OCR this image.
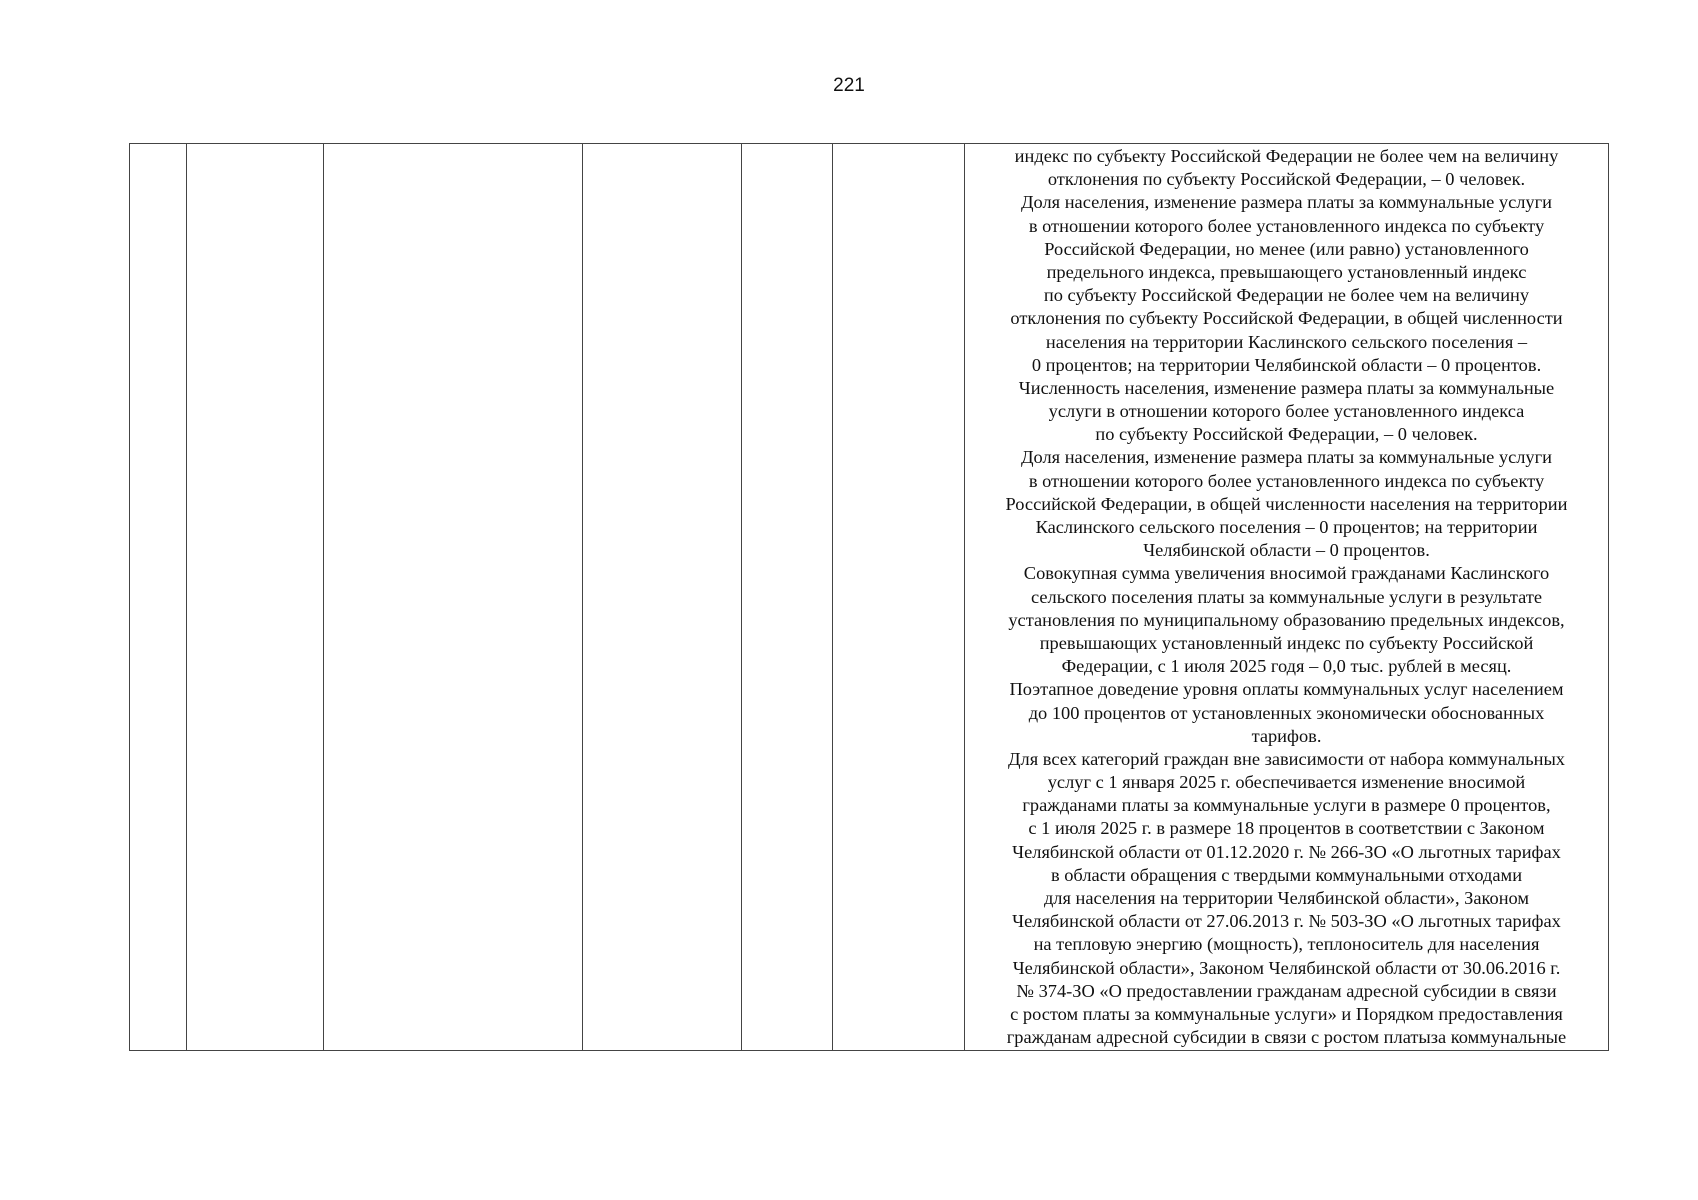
221

индекс по субъекту Российской Федерации не более чем на величину
отклонения по субъекту Российской Федерации, – 0 человек.
Доля населения, изменение размера платы за коммунальные услуги
в отношении которого более установленного индекса по субъекту
Российской Федерации, но менее (или равно) установленного
предельного индекса, превышающего установленный индекс
по субъекту Российской Федерации не более чем на величину
отклонения по субъекту Российской Федерации, в общей численности
населения на территории Каслинского сельского поселения –
0 процентов; на территории Челябинской области – 0 процентов.
Численность населения, изменение размера платы за коммунальные
услуги в отношении которого более установленного индекса
по субъекту Российской Федерации, – 0 человек.
Доля населения, изменение размера платы за коммунальные услуги
в отношении которого более установленного индекса по субъекту
Российской Федерации, в общей численности населения на территории
Каслинского сельского поселения – 0 процентов; на территории
Челябинской области – 0 процентов.
Совокупная сумма увеличения вносимой гражданами Каслинского
сельского поселения платы за коммунальные услуги в результате
установления по муниципальному образованию предельных индексов,
превышающих установленный индекс по субъекту Российской
Федерации, с 1 июля 2025 годя – 0,0 тыс. рублей в месяц.
Поэтапное доведение уровня оплаты коммунальных услуг населением
до 100 процентов от установленных экономически обоснованных
тарифов.
Для всех категорий граждан вне зависимости от набора коммунальных
услуг с 1 января 2025 г. обеспечивается изменение вносимой
гражданами платы за коммунальные услуги в размере 0 процентов,
с 1 июля 2025 г. в размере 18 процентов в соответствии с Законом
Челябинской области от 01.12.2020 г. № 266-ЗО «О льготных тарифах
в области обращения с твердыми коммунальными отходами
для населения на территории Челябинской области», Законом
Челябинской области от 27.06.2013 г. № 503-ЗО «О льготных тарифах
на тепловую энергию (мощность), теплоноситель для населения
Челябинской области», Законом Челябинской области от 30.06.2016 г.
№ 374-ЗО «О предоставлении гражданам адресной субсидии в связи
с ростом платы за коммунальные услуги» и Порядком предоставления
гражданам адресной субсидии в связи с ростом платыза коммунальные
